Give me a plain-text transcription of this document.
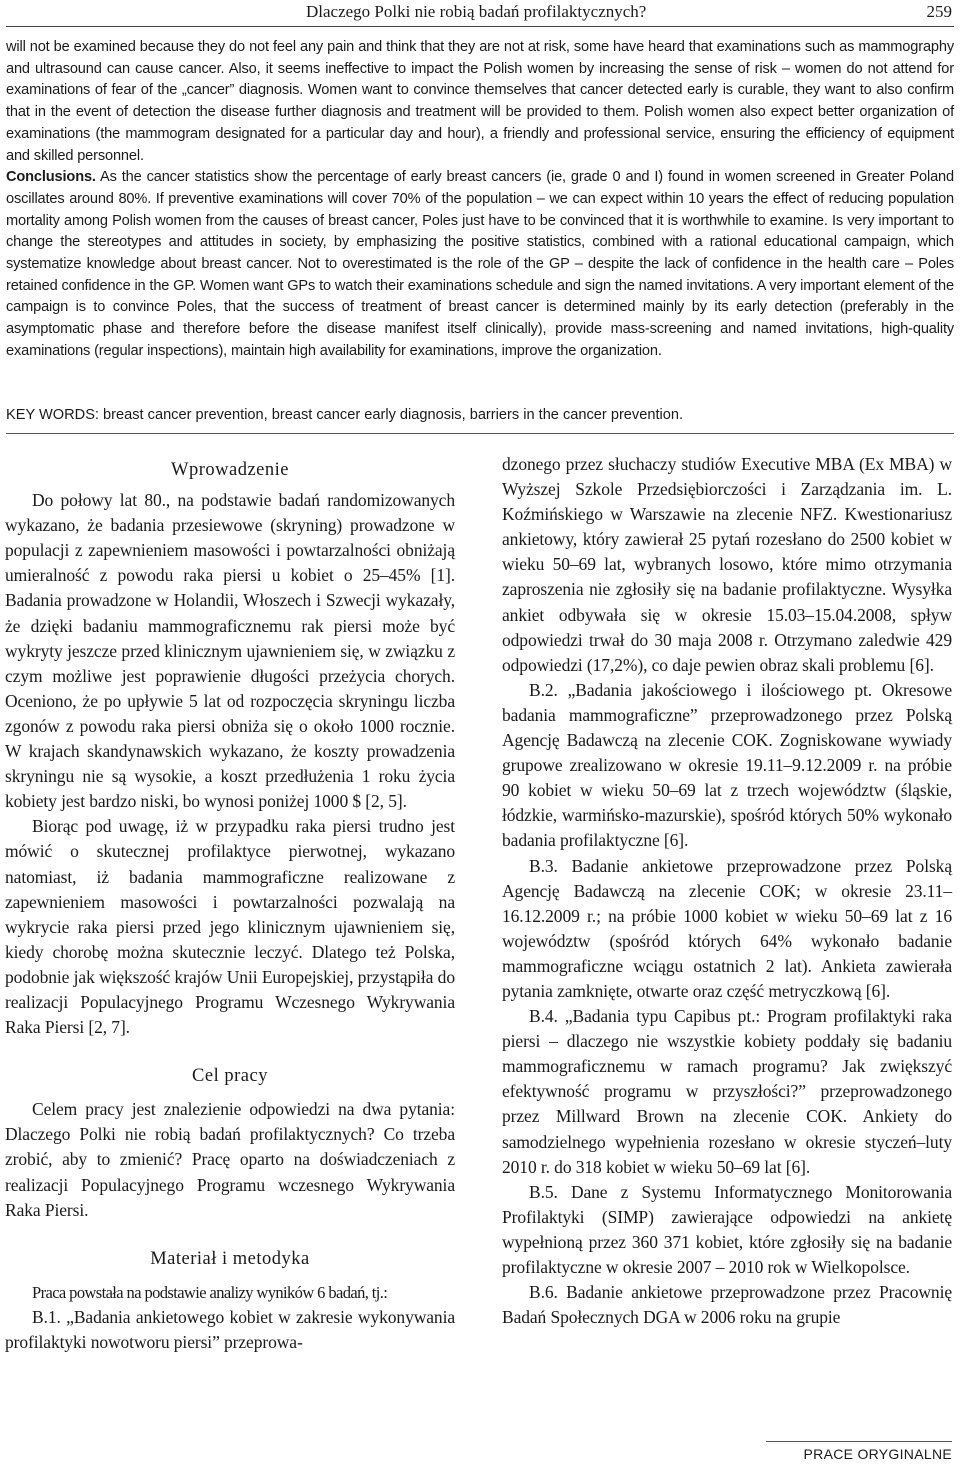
Dlaczego Polki nie robią badań profilaktycznych?	259
will not be examined because they do not feel any pain and think that they are not at risk, some have heard that examinations such as mammography and ultrasound can cause cancer. Also, it seems ineffective to impact the Polish women by increasing the sense of risk – women do not attend for examinations of fear of the „cancer” diagnosis. Women want to convince themselves that cancer detected early is curable, they want to also confirm that in the event of detection the disease further diagnosis and treatment will be provided to them. Polish women also expect better organization of examinations (the mammogram designated for a particular day and hour), a friendly and professional service, ensuring the efficiency of equipment and skilled personnel.
Conclusions. As the cancer statistics show the percentage of early breast cancers (ie, grade 0 and I) found in women screened in Greater Poland oscillates around 80%. If preventive examinations will cover 70% of the population – we can expect within 10 years the effect of reducing population mortality among Polish women from the causes of breast cancer, Poles just have to be convinced that it is worthwhile to examine. Is very important to change the stereotypes and attitudes in society, by emphasizing the positive statistics, combined with a rational educational campaign, which systematize knowledge about breast cancer. Not to overestimated is the role of the GP – despite the lack of confidence in the health care – Poles retained confidence in the GP. Women want GPs to watch their examinations schedule and sign the named invitations. A very important element of the campaign is to convince Poles, that the success of treatment of breast cancer is determined mainly by its early detection (preferably in the asymptomatic phase and therefore before the disease manifest itself clinically), provide mass-screening and named invitations, high-quality examinations (regular inspections), maintain high availability for examinations, improve the organization.
KEY WORDS: breast cancer prevention, breast cancer early diagnosis, barriers in the cancer prevention.
Wprowadzenie

Do połowy lat 80., na podstawie badań randomizowanych wykazano, że badania przesiewowe (skryning) prowadzone w populacji z zapewnieniem masowości i powtarzalności obniżają umieralność z powodu raka piersi u kobiet o 25–45% [1]. Badania prowadzone w Holandii, Włoszech i Szwecji wykazały, że dzięki badaniu mammograficznemu rak piersi może być wykryty jeszcze przed klinicznym ujawnieniem się, w związku z czym możliwe jest poprawienie długości przeżycia chorych. Oceniono, że po upływie 5 lat od rozpoczęcia skryningu liczba zgonów z powodu raka piersi obniża się o około 1000 rocznie. W krajach skandynawskich wykazano, że koszty prowadzenia skryningu nie są wysokie, a koszt przedłużenia 1 roku życia kobiety jest bardzo niski, bo wynosi poniżej 1000 $ [2, 5].

Biorąc pod uwagę, iż w przypadku raka piersi trudno jest mówić o skutecznej profilaktyce pierwotnej, wykazano natomiast, iż badania mammograficzne realizowane z zapewnieniem masowości i powtarzalności pozwalają na wykrycie raka piersi przed jego klinicznym ujawnieniem się, kiedy chorobę można skutecznie leczyć. Dlatego też Polska, podobnie jak większość krajów Unii Europejskiej, przystąpiła do realizacji Populacyjnego Programu Wczesnego Wykrywania Raka Piersi [2, 7].

Cel pracy

Celem pracy jest znalezienie odpowiedzi na dwa pytania: Dlaczego Polki nie robią badań profilaktycznych? Co trzeba zrobić, aby to zmienić? Pracę oparto na doświadczeniach z realizacji Populacyjnego Programu wczesnego Wykrywania Raka Piersi.

Materiał i metodyka

Praca powstała na podstawie analizy wyników 6 badań, tj.:

B.1. „Badania ankietowego kobiet w zakresie wykonywania profilaktyki nowotworu piersi” przeprowa-

dzonego przez słuchaczy studiów Executive MBA (Ex MBA) w Wyższej Szkole Przedsiębiorczości i Zarządzania im. L. Koźmińskiego w Warszawie na zlecenie NFZ. Kwestionariusz ankietowy, który zawierał 25 pytań rozesłano do 2500 kobiet w wieku 50–69 lat, wybranych losowo, które mimo otrzymania zaproszenia nie zgłosiły się na badanie profilaktyczne. Wysyłka ankiet odbywała się w okresie 15.03–15.04.2008, spływ odpowiedzi trwał do 30 maja 2008 r. Otrzymano zaledwie 429 odpowiedzi (17,2%), co daje pewien obraz skali problemu [6].

B.2. „Badania jakościowego i ilościowego pt. Okresowe badania mammograficzne” przeprowadzonego przez Polską Agencję Badawczą na zlecenie COK. Zogniskowane wywiady grupowe zrealizowano w okresie 19.11–9.12.2009 r. na próbie 90 kobiet w wieku 50–69 lat z trzech województw (śląskie, łódzkie, warmińsko-mazurskie), spośród których 50% wykonało badania profilaktyczne [6].

B.3. Badanie ankietowe przeprowadzone przez Polską Agencję Badawczą na zlecenie COK; w okresie 23.11–16.12.2009 r.; na próbie 1000 kobiet w wieku 50–69 lat z 16 województw (spośród których 64% wykonało badanie mammograficzne wciągu ostatnich 2 lat). Ankieta zawierała pytania zamknięte, otwarte oraz część metryczkową [6].

B.4. „Badania typu Capibus pt.: Program profilaktyki raka piersi – dlaczego nie wszystkie kobiety poddały się badaniu mammograficznemu w ramach programu? Jak zwiększyć efektywność programu w przyszłości?” przeprowadzonego przez Millward Brown na zlecenie COK. Ankiety do samodzielnego wypełnienia rozesłano w okresie styczeń–luty 2010 r. do 318 kobiet w wieku 50–69 lat [6].

B.5. Dane z Systemu Informatycznego Monitorowania Profilaktyki (SIMP) zawierające odpowiedzi na ankietę wypełnioną przez 360 371 kobiet, które zgłosiły się na badanie profilaktyczne w okresie 2007 – 2010 rok w Wielkopolsce.

B.6. Badanie ankietowe przeprowadzone przez Pracownię Badań Społecznych DGA w 2006 roku na grupie

PRACE ORYGINALNE
